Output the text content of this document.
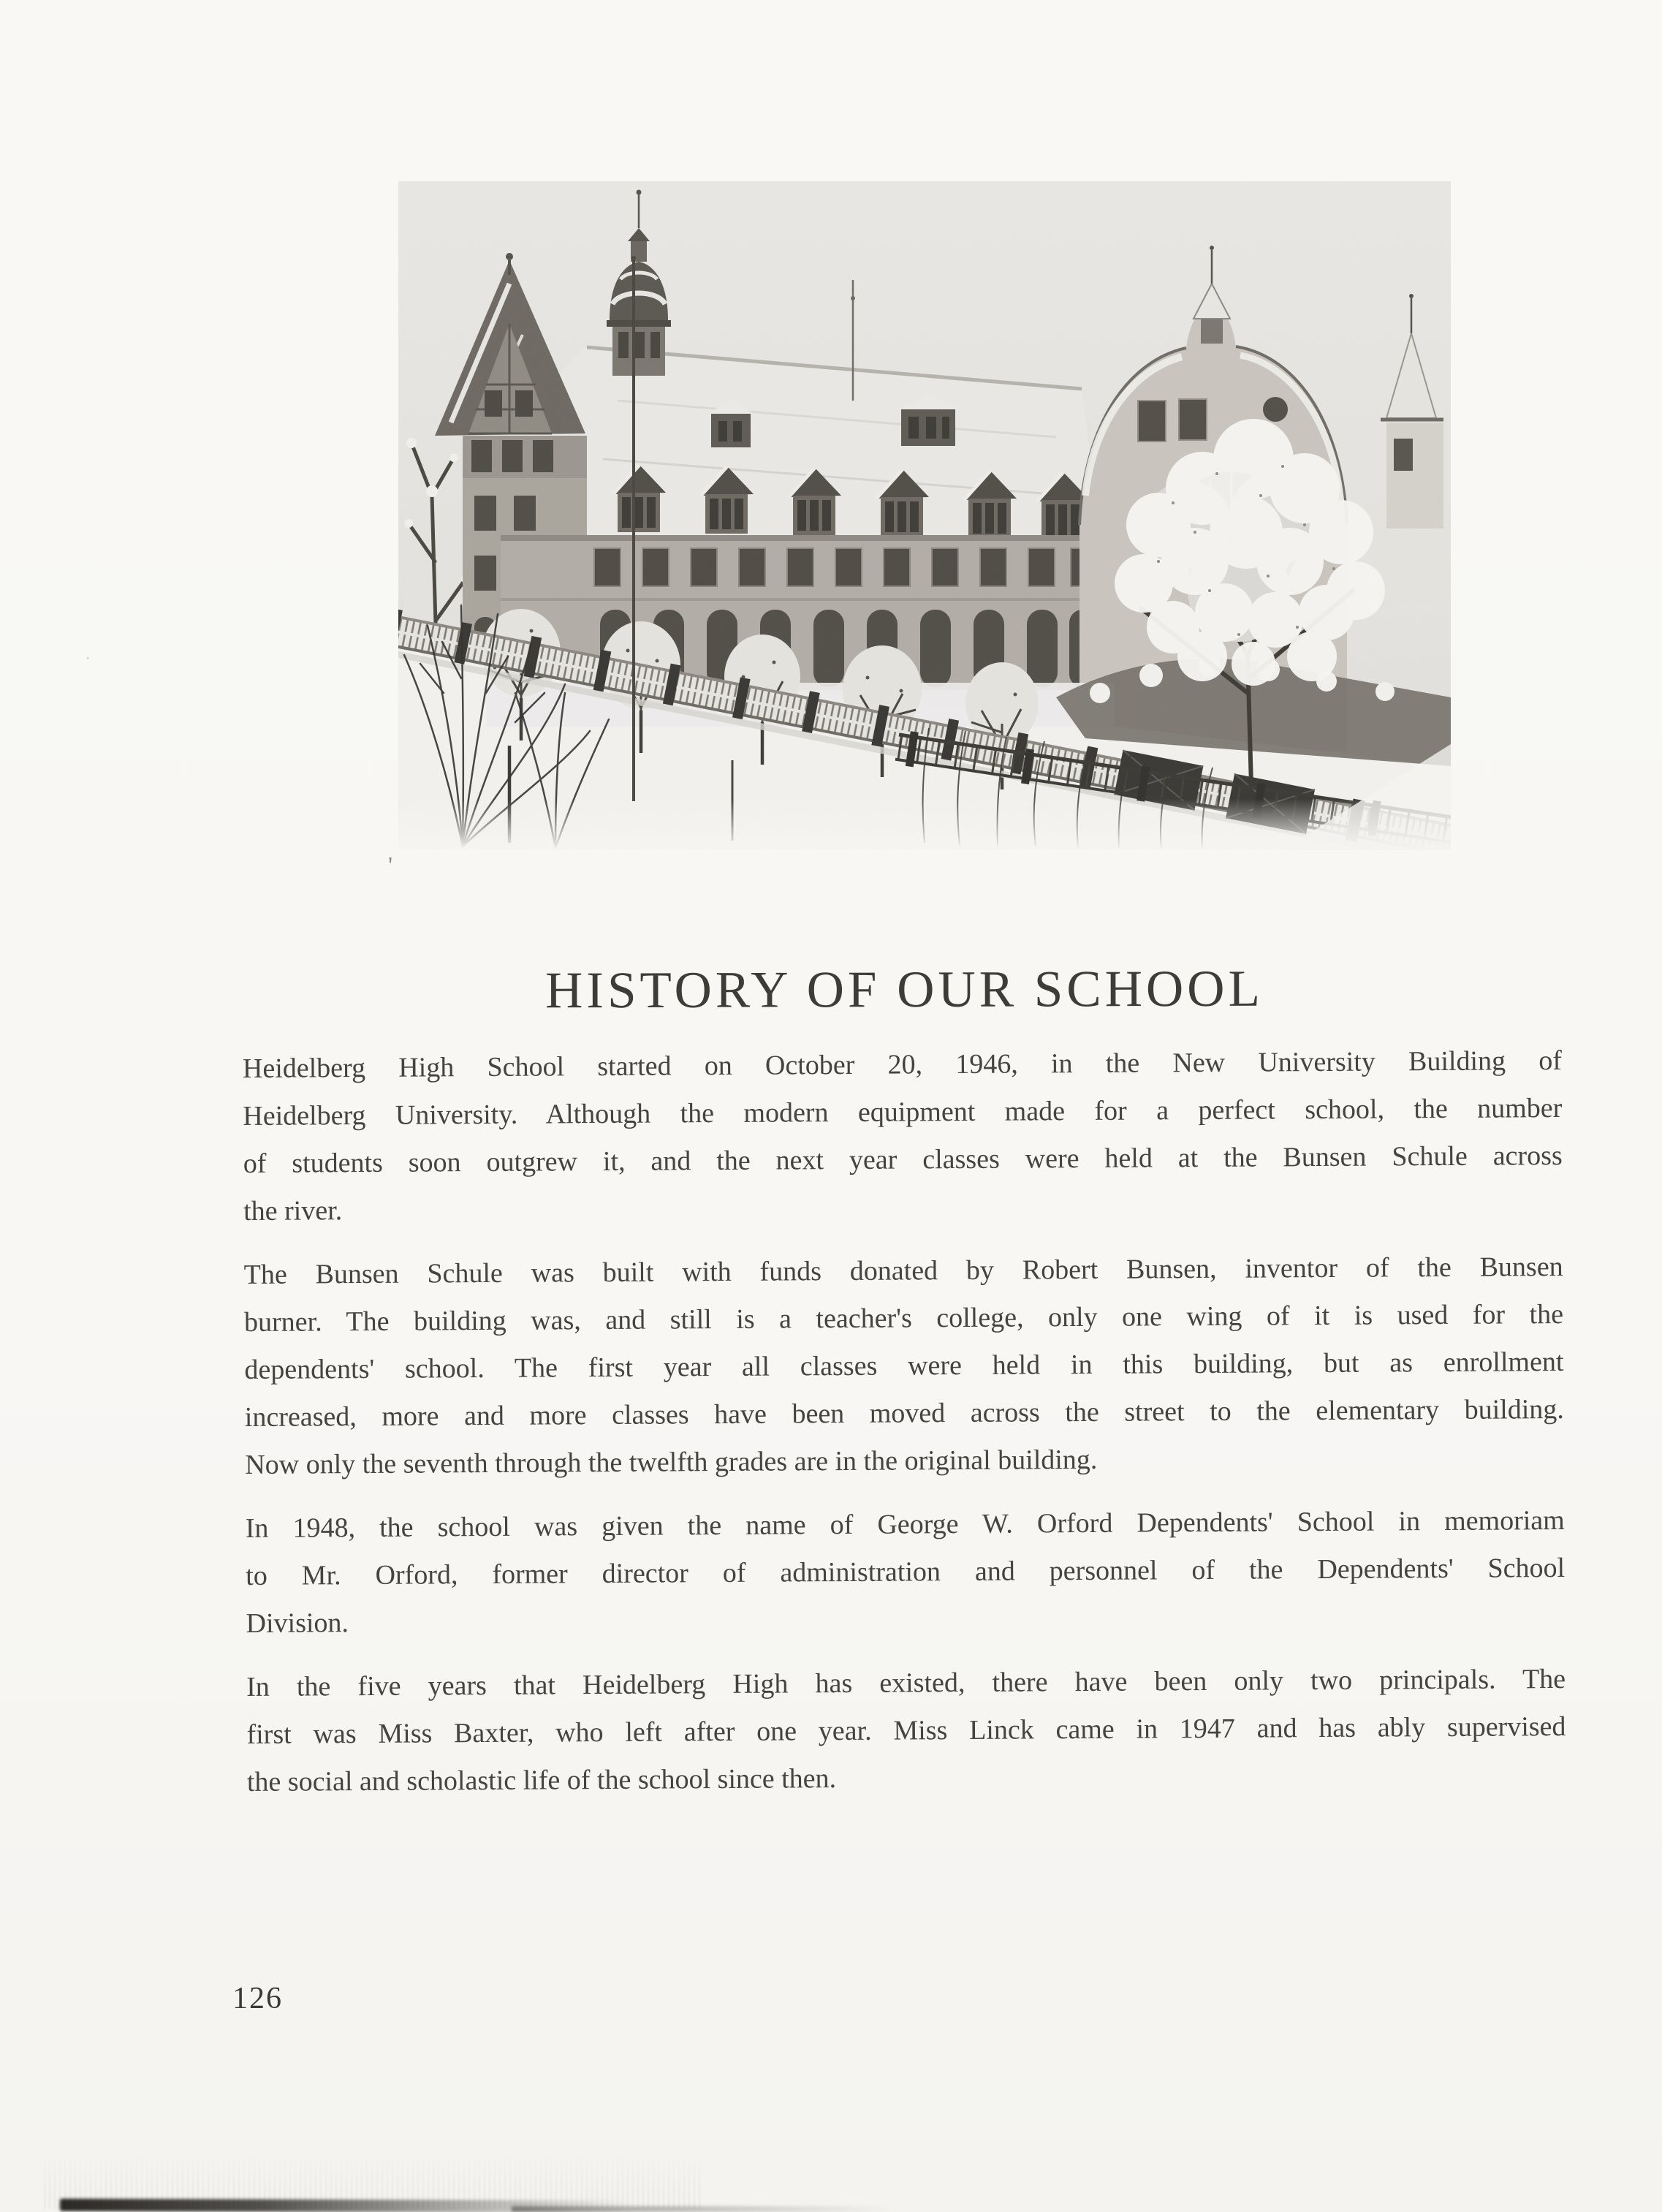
'
·
HISTORY OF OUR SCHOOL
Heidelberg High School started on October 20, 1946, in the New University Building of
Heidelberg University. Although the modern equipment made for a perfect school, the number
of students soon outgrew it, and the next year classes were held at the Bunsen Schule across
the river.
The Bunsen Schule was built with funds donated by Robert Bunsen, inventor of the Bunsen
burner. The building was, and still is a teacher's college, only one wing of it is used for the
dependents' school. The first year all classes were held in this building, but as enrollment
increased, more and more classes have been moved across the street to the elementary building.
Now only the seventh through the twelfth grades are in the original building.
In 1948, the school was given the name of George W. Orford Dependents' School in memoriam
to Mr. Orford, former director of administration and personnel of the Dependents' School
Division.
In the five years that Heidelberg High has existed, there have been only two principals. The
first was Miss Baxter, who left after one year. Miss Linck came in 1947 and has ably supervised
the social and scholastic life of the school since then.
126
